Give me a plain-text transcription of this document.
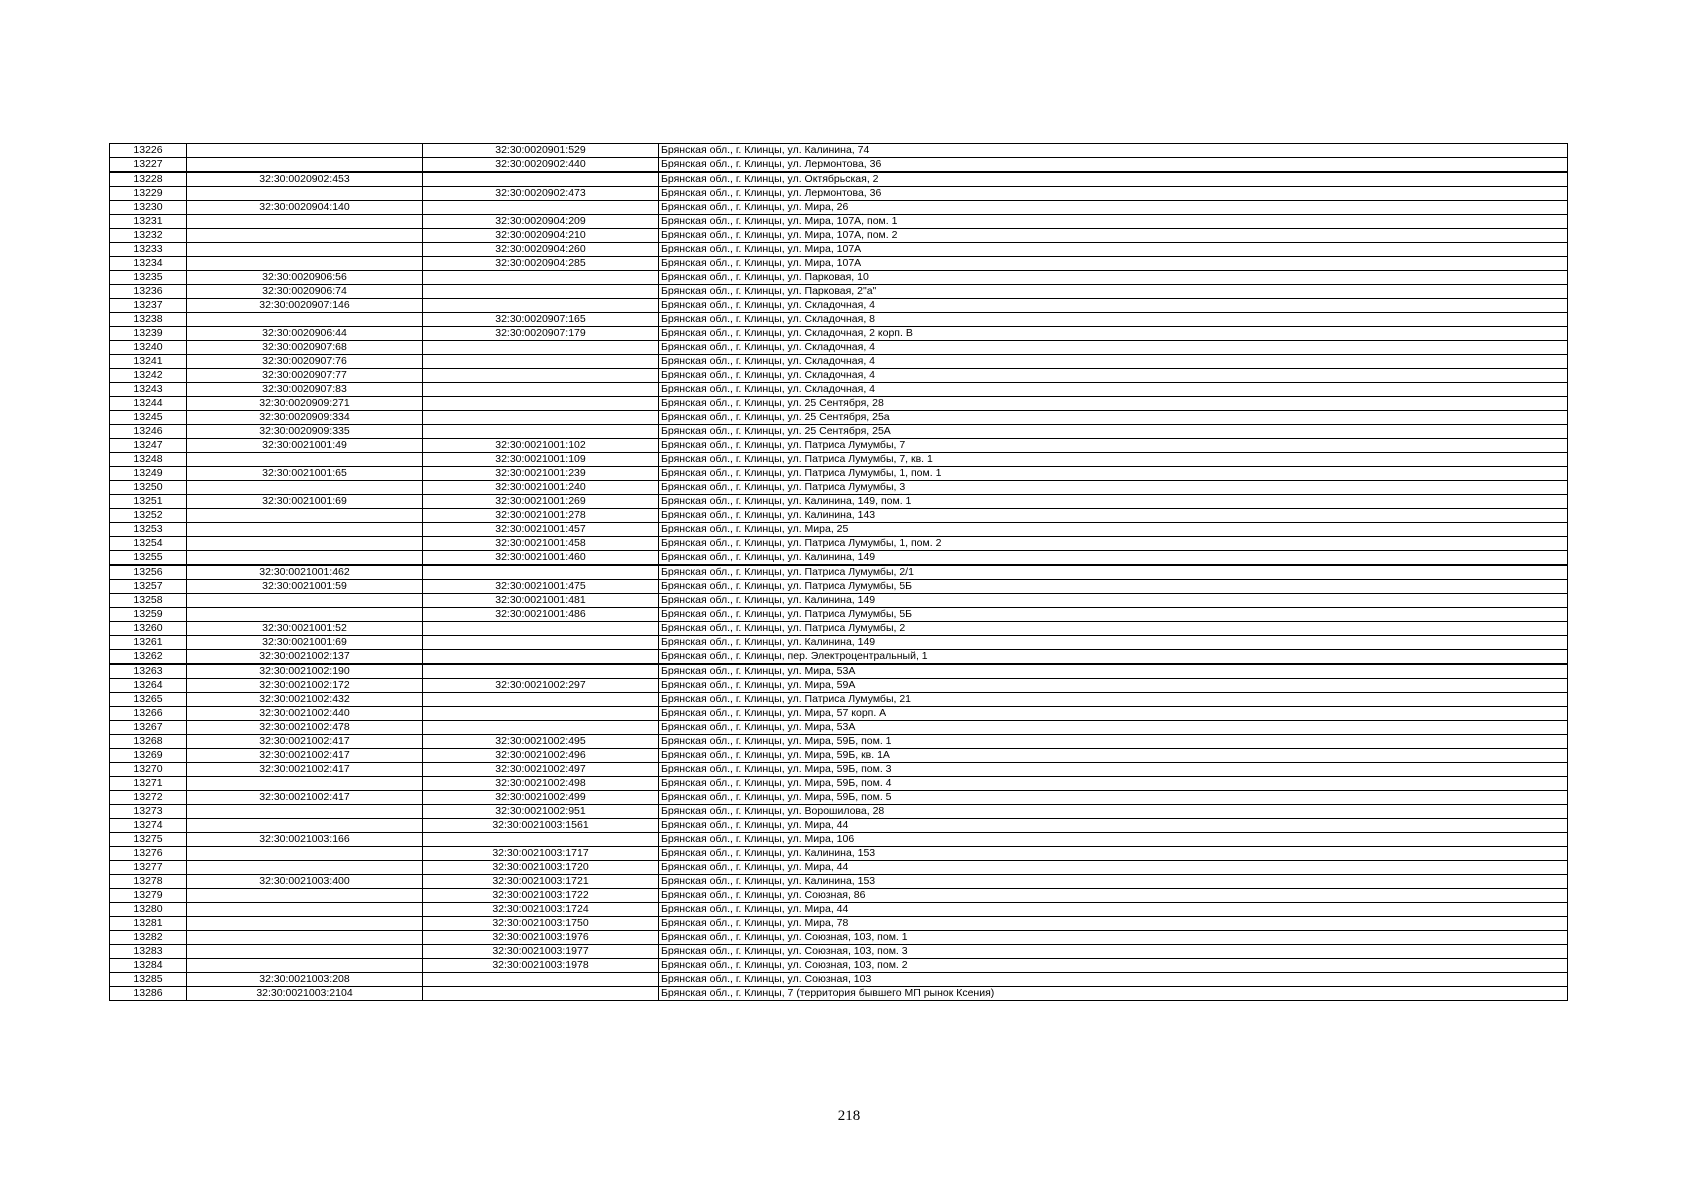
13226		32:30:0020901:529	Брянская обл., г. Клинцы, ул. Калинина, 74
13227		32:30:0020902:440	Брянская обл., г. Клинцы, ул. Лермонтова, 36
13228	32:30:0020902:453		Брянская обл., г. Клинцы, ул. Октябрьская, 2
13229		32:30:0020902:473	Брянская обл., г. Клинцы, ул. Лермонтова, 36
13230	32:30:0020904:140		Брянская обл., г. Клинцы, ул. Мира, 26
13231		32:30:0020904:209	Брянская обл., г. Клинцы, ул. Мира, 107А, пом. 1
13232		32:30:0020904:210	Брянская обл., г. Клинцы, ул. Мира, 107А, пом. 2
13233		32:30:0020904:260	Брянская обл., г. Клинцы, ул. Мира, 107А
13234		32:30:0020904:285	Брянская обл., г. Клинцы, ул. Мира, 107А
13235	32:30:0020906:56		Брянская обл., г. Клинцы, ул. Парковая, 10
13236	32:30:0020906:74		Брянская обл., г. Клинцы, ул. Парковая, 2"а"
13237	32:30:0020907:146		Брянская обл., г. Клинцы, ул. Складочная, 4
13238		32:30:0020907:165	Брянская обл., г. Клинцы, ул. Складочная, 8
13239	32:30:0020906:44	32:30:0020907:179	Брянская обл., г. Клинцы, ул. Складочная, 2 корп. В
13240	32:30:0020907:68		Брянская обл., г. Клинцы, ул. Складочная, 4
13241	32:30:0020907:76		Брянская обл., г. Клинцы, ул. Складочная, 4
13242	32:30:0020907:77		Брянская обл., г. Клинцы, ул. Складочная, 4
13243	32:30:0020907:83		Брянская обл., г. Клинцы, ул. Складочная, 4
13244	32:30:0020909:271		Брянская обл., г. Клинцы, ул. 25 Сентября, 28
13245	32:30:0020909:334		Брянская обл., г. Клинцы, ул. 25 Сентября, 25а
13246	32:30:0020909:335		Брянская обл., г. Клинцы, ул. 25 Сентября, 25А
13247	32:30:0021001:49	32:30:0021001:102	Брянская обл., г. Клинцы, ул. Патриса Лумумбы, 7
13248		32:30:0021001:109	Брянская обл., г. Клинцы, ул. Патриса Лумумбы, 7, кв. 1
13249	32:30:0021001:65	32:30:0021001:239	Брянская обл., г. Клинцы, ул. Патриса Лумумбы, 1, пом. 1
13250		32:30:0021001:240	Брянская обл., г. Клинцы, ул. Патриса Лумумбы, 3
13251	32:30:0021001:69	32:30:0021001:269	Брянская обл., г. Клинцы, ул. Калинина, 149, пом. 1
13252		32:30:0021001:278	Брянская обл., г. Клинцы, ул. Калинина, 143
13253		32:30:0021001:457	Брянская обл., г. Клинцы, ул. Мира, 25
13254		32:30:0021001:458	Брянская обл., г. Клинцы, ул. Патриса Лумумбы, 1, пом. 2
13255		32:30:0021001:460	Брянская обл., г. Клинцы, ул. Калинина, 149
13256	32:30:0021001:462		Брянская обл., г. Клинцы, ул. Патриса Лумумбы, 2/1
13257	32:30:0021001:59	32:30:0021001:475	Брянская обл., г. Клинцы, ул. Патриса Лумумбы, 5Б
13258		32:30:0021001:481	Брянская обл., г. Клинцы, ул. Калинина, 149
13259		32:30:0021001:486	Брянская обл., г. Клинцы, ул. Патриса Лумумбы, 5Б
13260	32:30:0021001:52		Брянская обл., г. Клинцы, ул. Патриса Лумумбы, 2
13261	32:30:0021001:69		Брянская обл., г. Клинцы, ул. Калинина, 149
13262	32:30:0021002:137		Брянская обл., г. Клинцы, пер. Электроцентральный, 1
13263	32:30:0021002:190		Брянская обл., г. Клинцы, ул. Мира, 53А
13264	32:30:0021002:172	32:30:0021002:297	Брянская обл., г. Клинцы, ул. Мира, 59А
13265	32:30:0021002:432		Брянская обл., г. Клинцы, ул. Патриса Лумумбы, 21
13266	32:30:0021002:440		Брянская обл., г. Клинцы, ул. Мира, 57 корп. А
13267	32:30:0021002:478		Брянская обл., г. Клинцы, ул. Мира, 53А
13268	32:30:0021002:417	32:30:0021002:495	Брянская обл., г. Клинцы, ул. Мира, 59Б, пом. 1
13269	32:30:0021002:417	32:30:0021002:496	Брянская обл., г. Клинцы, ул. Мира, 59Б, кв. 1А
13270	32:30:0021002:417	32:30:0021002:497	Брянская обл., г. Клинцы, ул. Мира, 59Б, пом. 3
13271		32:30:0021002:498	Брянская обл., г. Клинцы, ул. Мира, 59Б, пом. 4
13272	32:30:0021002:417	32:30:0021002:499	Брянская обл., г. Клинцы, ул. Мира, 59Б, пом. 5
13273		32:30:0021002:951	Брянская обл., г. Клинцы, ул. Ворошилова, 28
13274		32:30:0021003:1561	Брянская обл., г. Клинцы, ул. Мира, 44
13275	32:30:0021003:166		Брянская обл., г. Клинцы, ул. Мира, 106
13276		32:30:0021003:1717	Брянская обл., г. Клинцы, ул. Калинина, 153
13277		32:30:0021003:1720	Брянская обл., г. Клинцы, ул. Мира, 44
13278	32:30:0021003:400	32:30:0021003:1721	Брянская обл., г. Клинцы, ул. Калинина, 153
13279		32:30:0021003:1722	Брянская обл., г. Клинцы, ул. Союзная, 86
13280		32:30:0021003:1724	Брянская обл., г. Клинцы, ул. Мира, 44
13281		32:30:0021003:1750	Брянская обл., г. Клинцы, ул. Мира, 78
13282		32:30:0021003:1976	Брянская обл., г. Клинцы, ул. Союзная, 103, пом. 1
13283		32:30:0021003:1977	Брянская обл., г. Клинцы, ул. Союзная, 103, пом. 3
13284		32:30:0021003:1978	Брянская обл., г. Клинцы, ул. Союзная, 103, пом. 2
13285	32:30:0021003:208		Брянская обл., г. Клинцы, ул. Союзная, 103
13286	32:30:0021003:2104		Брянская обл., г. Клинцы, 7 (территория бывшего МП рынок Ксения)
218
